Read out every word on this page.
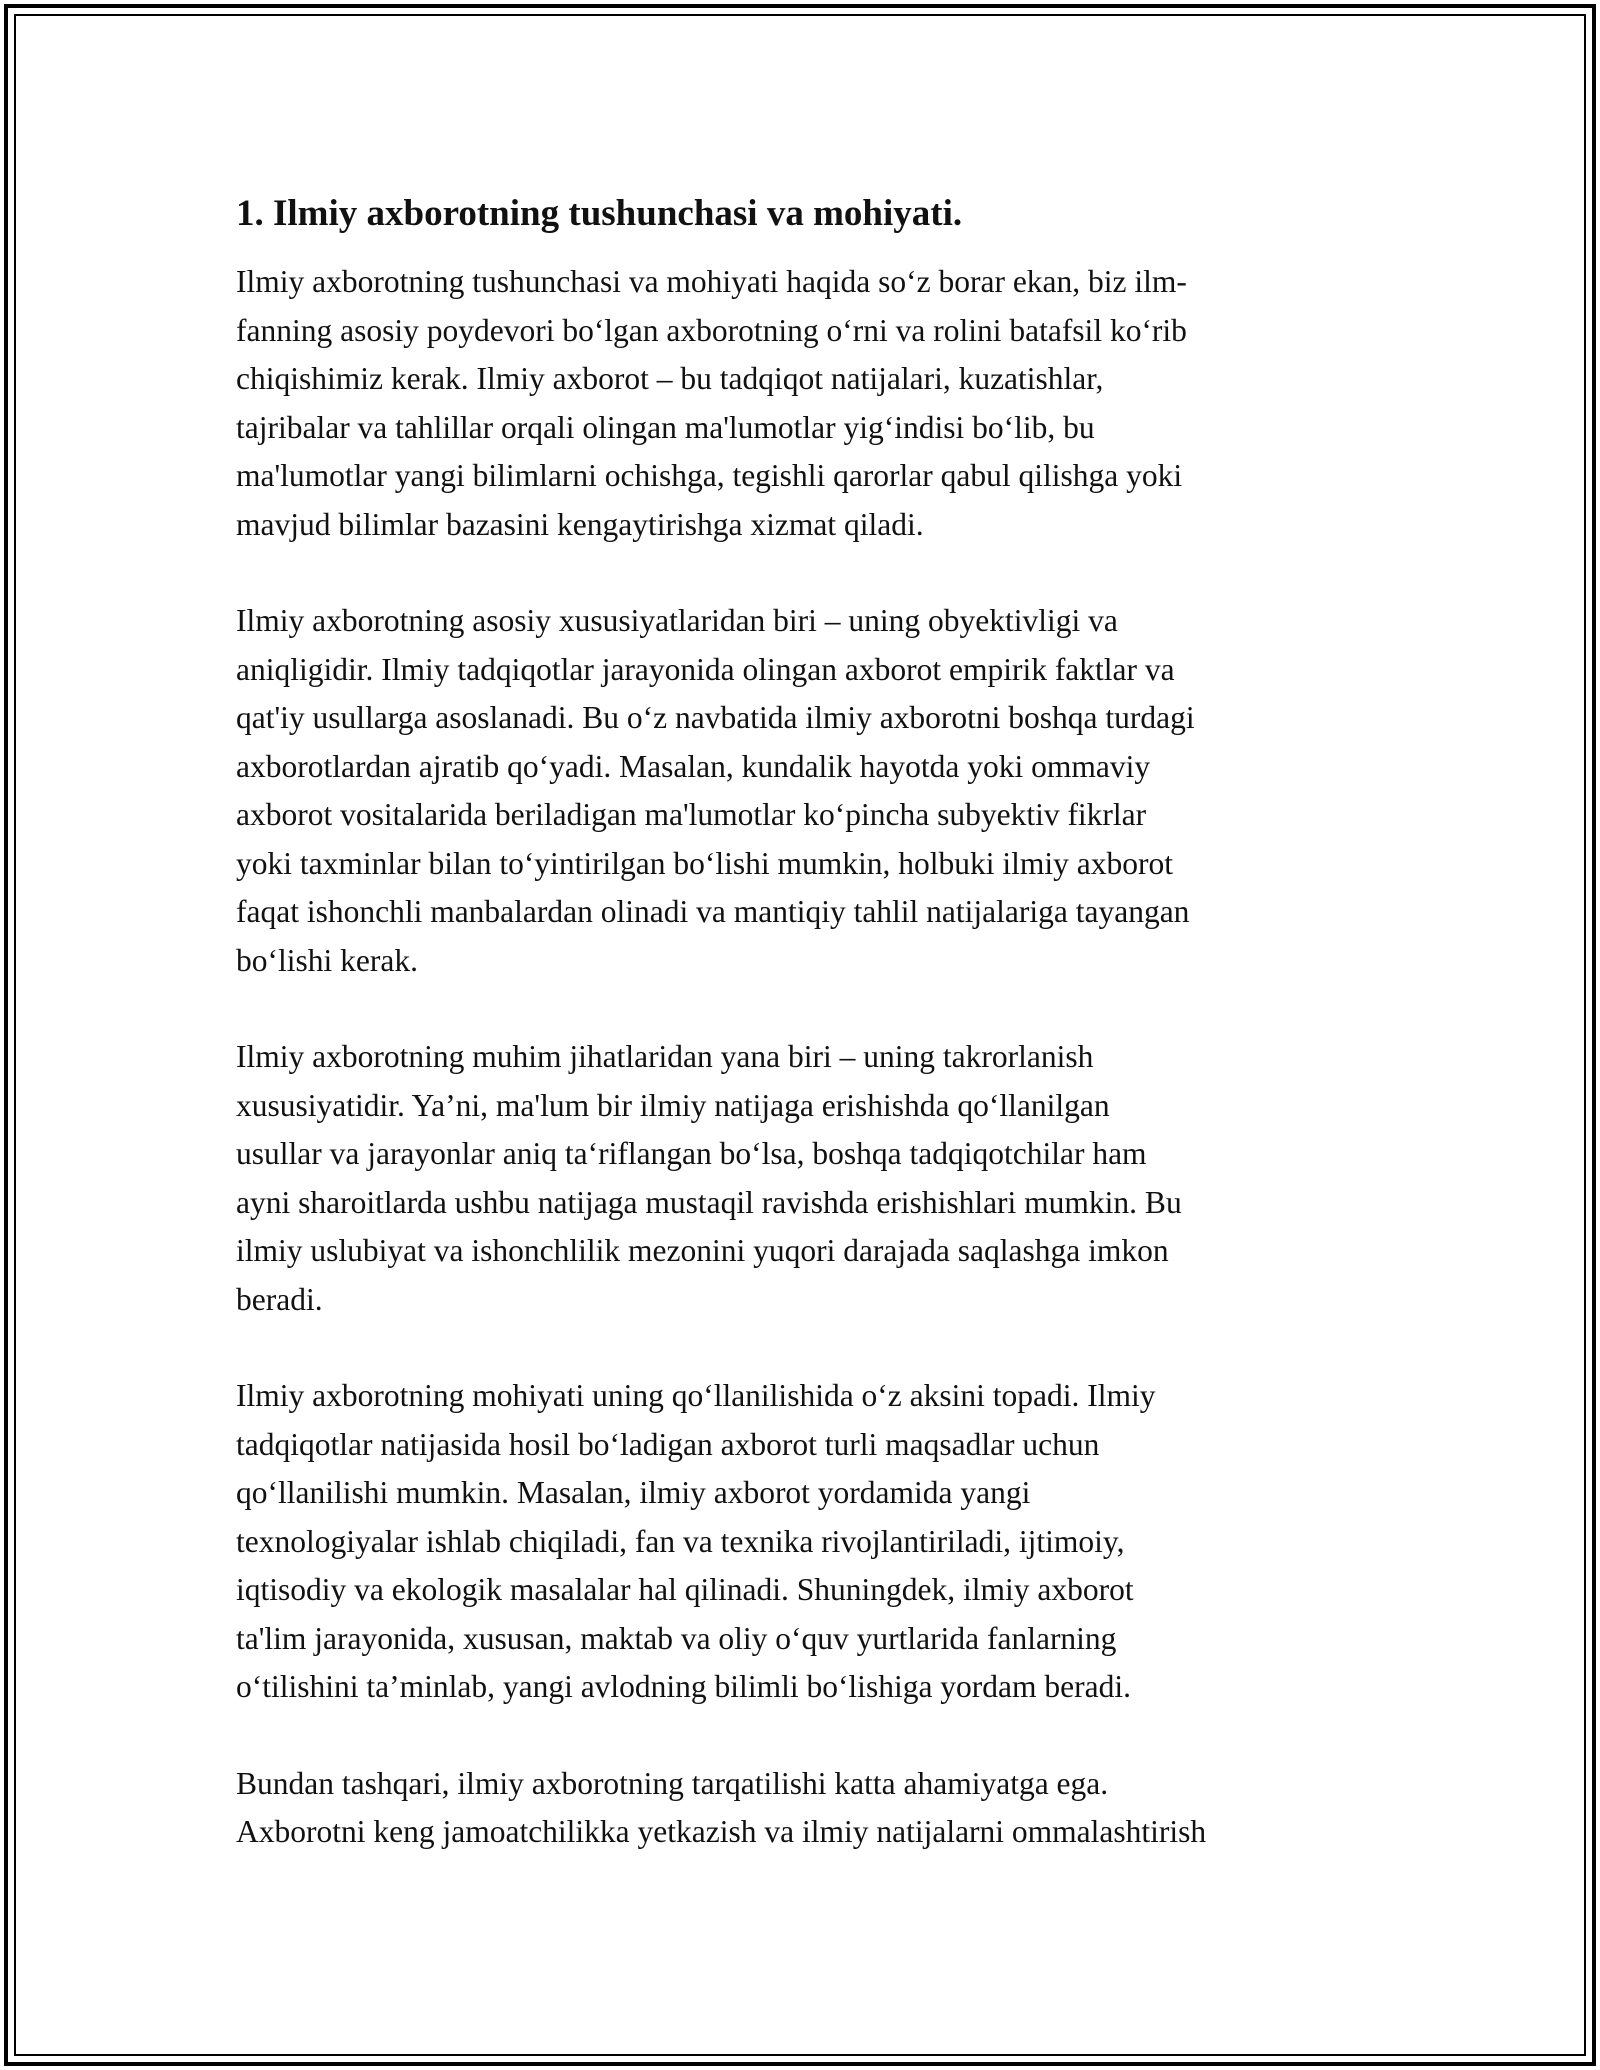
1. Ilmiy axborotning tushunchasi va mohiyati.

Ilmiy axborotning tushunchasi va mohiyati haqida so‘z borar ekan, biz ilm-
fanning asosiy poydevori bo‘lgan axborotning o‘rni va rolini batafsil ko‘rib
chiqishimiz kerak. Ilmiy axborot – bu tadqiqot natijalari, kuzatishlar,
tajribalar va tahlillar orqali olingan ma'lumotlar yig‘indisi bo‘lib, bu
ma'lumotlar yangi bilimlarni ochishga, tegishli qarorlar qabul qilishga yoki
mavjud bilimlar bazasini kengaytirishga xizmat qiladi.

Ilmiy axborotning asosiy xususiyatlaridan biri – uning obyektivligi va
aniqligidir. Ilmiy tadqiqotlar jarayonida olingan axborot empirik faktlar va
qat'iy usullarga asoslanadi. Bu o‘z navbatida ilmiy axborotni boshqa turdagi
axborotlardan ajratib qo‘yadi. Masalan, kundalik hayotda yoki ommaviy
axborot vositalarida beriladigan ma'lumotlar ko‘pincha subyektiv fikrlar
yoki taxminlar bilan to‘yintirilgan bo‘lishi mumkin, holbuki ilmiy axborot
faqat ishonchli manbalardan olinadi va mantiqiy tahlil natijalariga tayangan
bo‘lishi kerak.

Ilmiy axborotning muhim jihatlaridan yana biri – uning takrorlanish
xususiyatidir. Ya’ni, ma'lum bir ilmiy natijaga erishishda qo‘llanilgan
usullar va jarayonlar aniq ta‘riflangan bo‘lsa, boshqa tadqiqotchilar ham
ayni sharoitlarda ushbu natijaga mustaqil ravishda erishishlari mumkin. Bu
ilmiy uslubiyat va ishonchlilik mezonini yuqori darajada saqlashga imkon
beradi.

Ilmiy axborotning mohiyati uning qo‘llanilishida o‘z aksini topadi. Ilmiy
tadqiqotlar natijasida hosil bo‘ladigan axborot turli maqsadlar uchun
qo‘llanilishi mumkin. Masalan, ilmiy axborot yordamida yangi
texnologiyalar ishlab chiqiladi, fan va texnika rivojlantiriladi, ijtimoiy,
iqtisodiy va ekologik masalalar hal qilinadi. Shuningdek, ilmiy axborot
ta'lim jarayonida, xususan, maktab va oliy o‘quv yurtlarida fanlarning
o‘tilishini ta’minlab, yangi avlodning bilimli bo‘lishiga yordam beradi.

Bundan tashqari, ilmiy axborotning tarqatilishi katta ahamiyatga ega.
Axborotni keng jamoatchilikka yetkazish va ilmiy natijalarni ommalashtirish
